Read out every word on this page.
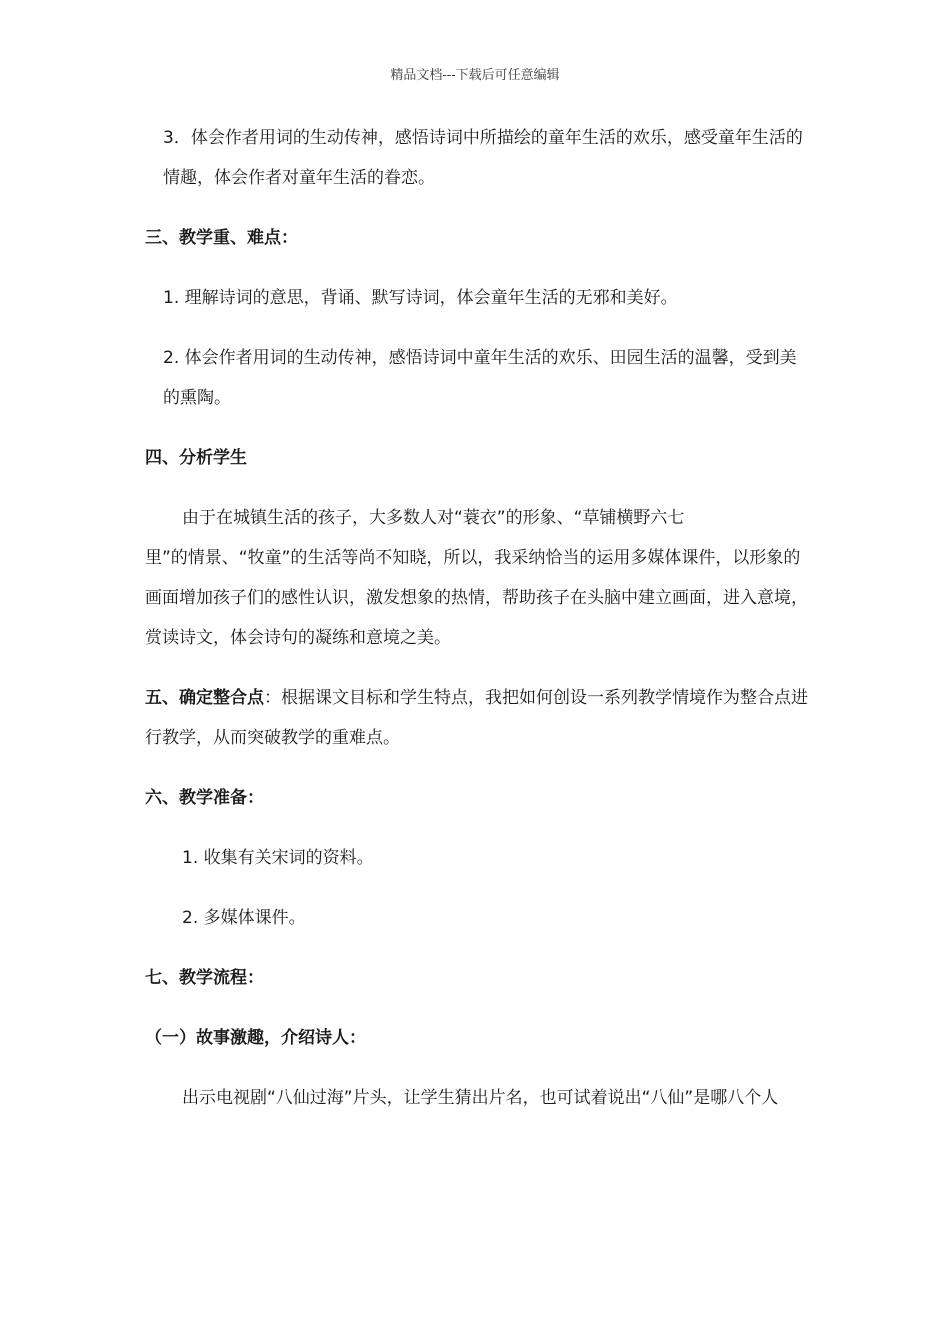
精品文档---下载后可任意编辑
3．体会作者用词的生动传神，感悟诗词中所描绘的童年生活的欢乐，感受童年生活的情趣，体会作者对童年生活的眷恋。
三、教学重、难点：
1. 理解诗词的意思，背诵、默写诗词，体会童年生活的无邪和美好。
2. 体会作者用词的生动传神，感悟诗词中童年生活的欢乐、田园生活的温馨，受到美的熏陶。
四、分析学生
由于在城镇生活的孩子，大多数人对“蓑衣”的形象、“草铺横野六七
里”的情景、“牧童”的生活等尚不知晓，所以，我采纳恰当的运用多媒体课件，以形象的画面增加孩子们的感性认识，激发想象的热情，帮助孩子在头脑中建立画面，进入意境，赏读诗文，体会诗句的凝练和意境之美。
五、确定整合点：根据课文目标和学生特点，我把如何创设一系列教学情境作为整合点进行教学，从而突破教学的重难点。
六、教学准备：
1. 收集有关宋词的资料。
2. 多媒体课件。
七、教学流程：
（一）故事激趣，介绍诗人：
出示电视剧“八仙过海”片头，让学生猜出片名，也可试着说出“八仙”是哪八个人
